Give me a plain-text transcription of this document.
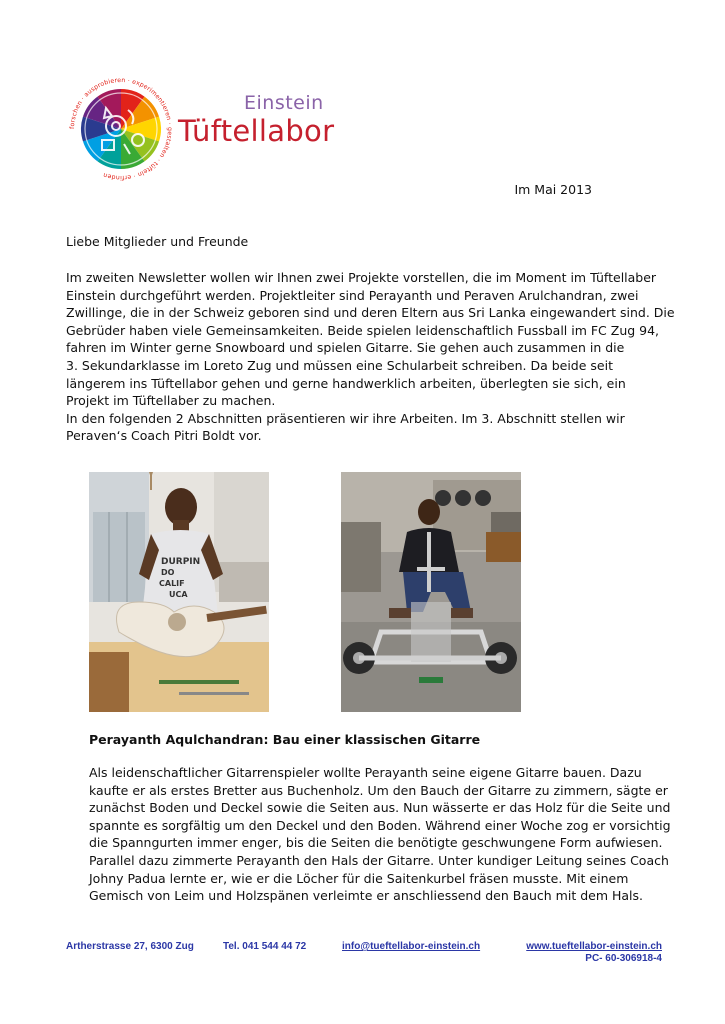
forschen · ausprobieren · experimentieren · gestalten · tüfteln · erfinden
Einstein
Tüftellabor
Im Mai 2013
Liebe Mitglieder und Freunde

Im zweiten Newsletter wollen wir Ihnen zwei Projekte vorstellen, die im Moment im Tüftellaber

Einstein durchgeführt werden. Projektleiter sind Perayanth und Peraven Arulchandran, zwei

Zwillinge, die in der Schweiz geboren sind und deren Eltern aus Sri Lanka eingewandert sind. Die

Gebrüder haben viele Gemeinsamkeiten. Beide spielen leidenschaftlich Fussball im FC Zug 94,

fahren im Winter gerne Snowboard und spielen Gitarre. Sie gehen auch zusammen in die

3. Sekundarklasse im Loreto Zug und müssen eine Schularbeit schreiben. Da beide seit

längerem ins Tüftellabor gehen und gerne handwerklich arbeiten, überlegten sie sich, ein

Projekt im Tüftellaber zu machen.

In den folgenden 2 Abschnitten präsentieren wir ihre Arbeiten. Im 3. Abschnitt stellen wir

Peraven‘s Coach Pitri Boldt vor.

DURPIN
DO
CALIF
UCA
Perayanth Aqulchandran: Bau einer klassischen Gitarre

Als leidenschaftlicher Gitarrenspieler wollte Perayanth seine eigene Gitarre bauen. Dazu

kaufte er als erstes Bretter aus Buchenholz. Um den Bauch der Gitarre zu zimmern, sägte er

zunächst Boden und Deckel sowie die Seiten aus. Nun wässerte er das Holz für die Seite und

spannte es sorgfältig um den Deckel und den Boden. Während einer Woche zog er vorsichtig

die Spanngurten immer enger, bis die Seiten die benötigte geschwungene Form aufwiesen.

Parallel dazu zimmerte Perayanth den Hals der Gitarre. Unter kundiger Leitung seines Coach

Johny Padua lernte er, wie er die Löcher für die Saitenkurbel fräsen musste. Mit einem

Gemisch von Leim und Holzspänen verleimte er anschliessend den Bauch mit dem Hals.

Artherstrasse 27, 6300 Zug	Tel. 041 544 44 72	info@tueftellabor-einstein.ch	www.tueftellabor-einstein.ch
PC- 60-306918-4
